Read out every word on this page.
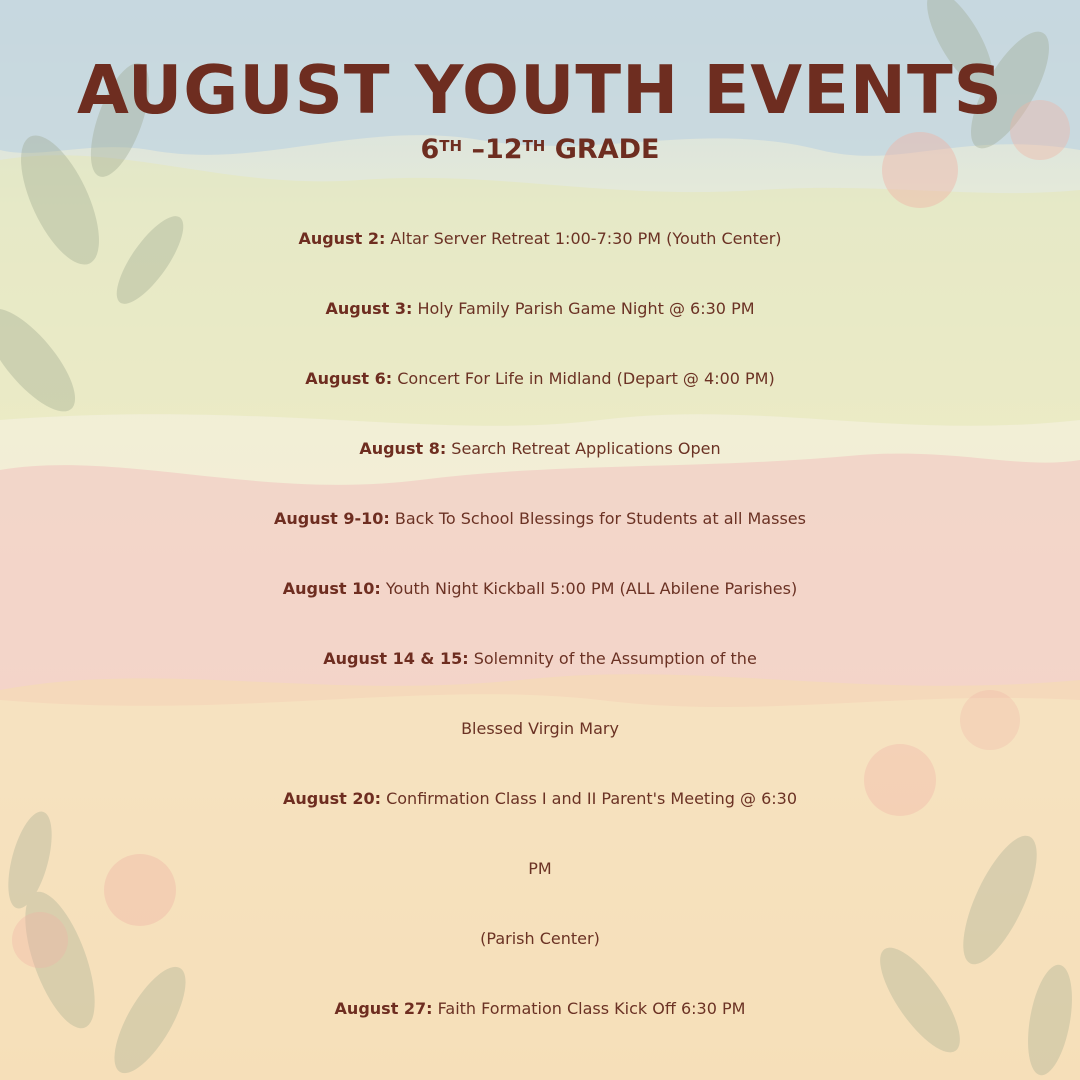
AUGUST YOUTH EVENTS
6TH –12TH GRADE
August 2: Altar Server Retreat 1:00-7:30 PM (Youth Center)
August 3: Holy Family Parish Game Night @ 6:30 PM
August 6: Concert For Life in Midland (Depart @ 4:00 PM)
August 8: Search Retreat Applications Open
August 9-10: Back To School Blessings for Students at all Masses
August 10: Youth Night Kickball 5:00 PM (ALL Abilene Parishes)
August 14 & 15: Solemnity of the Assumption of the
Blessed Virgin Mary
August 20: Confirmation Class I and II Parent's Meeting @ 6:30
PM
(Parish Center)
August 27: Faith Formation Class Kick Off 6:30 PM
